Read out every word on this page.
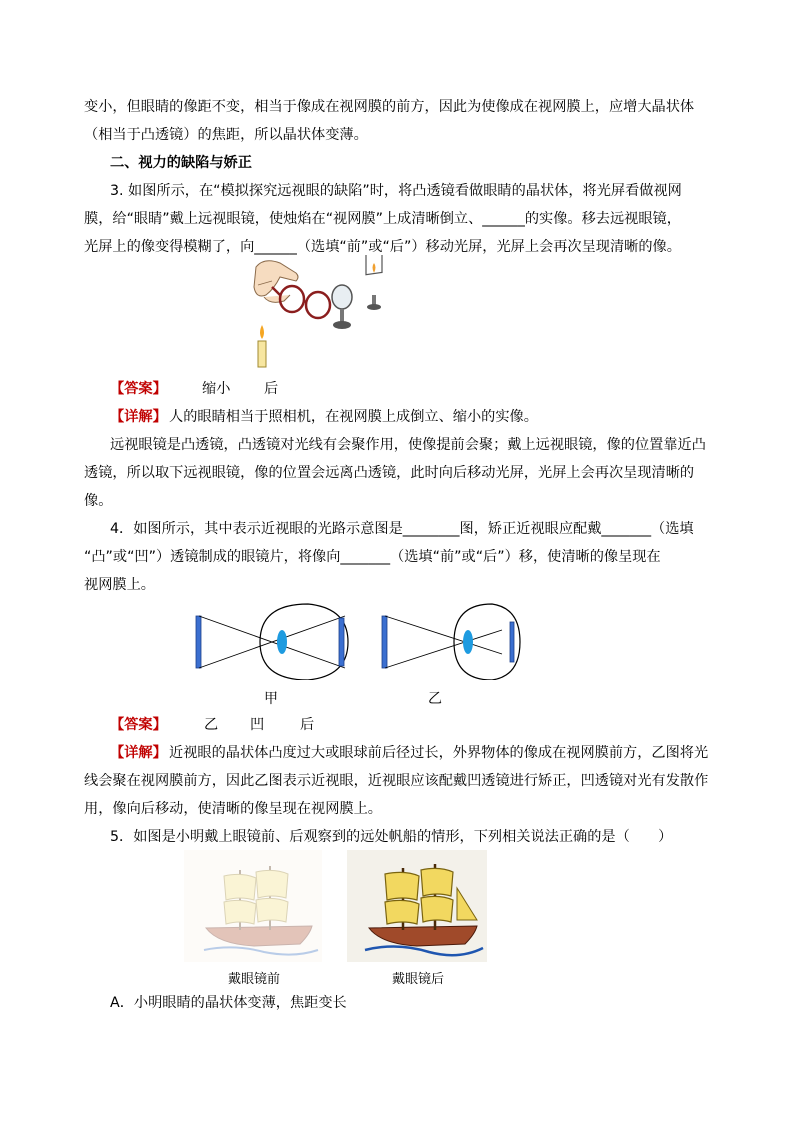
变小，但眼睛的像距不变，相当于像成在视网膜的前方，因此为使像成在视网膜上，应增大晶状体
（相当于凸透镜）的焦距，所以晶状体变薄。
二、视力的缺陷与娇正
3. 如图所示，在“模拟探究远视眼的缺陷”时，将凸透镜看做眼睛的晶状体，将光屏看做视网
膜，给“眼睛”戴上远视眼镜，使烛焰在“视网膜”上成清晰倒立、______的实像。移去远视眼镜，
光屏上的像变得模糊了，向______（选填“前”或“后”）移动光屏，光屏上会再次呈现清晰的像。
【答案】 缩小 后
【详解】 人的眼睛相当于照相机，在视网膜上成倒立、缩小的实像。
远视眼镜是凸透镜，凸透镜对光线有会聚作用，使像提前会聚；戴上远视眼镜，像的位置靠近凸
透镜，所以取下远视眼镜，像的位置会远离凸透镜，此时向后移动光屏，光屏上会再次呈现清晰的
像。
4．如图所示，其中表示近视眼的光路示意图是________图，矫正近视眼应配戴_______（选填
“凸”或“凹”）透镜制成的眼镜片，将像向_______（选填“前”或“后”）移，使清晰的像呈现在
视网膜上。
甲	乙
【答案】	乙 凹	后
【详解】 近视眼的晶状体凸度过大或眼球前后径过长，外界物体的像成在视网膜前方，乙图将光
线会聚在视网膜前方，因此乙图表示近视眼，近视眼应该配戴凹透镜进行矫正，凹透镜对光有发散作
用，像向后移动，使清晰的像呈现在视网膜上。
5．如图是小明戴上眼镜前、后观察到的远处帆船的情形，下列相关说法正确的是（　　）
戴眼镜前	戴眼镜后
A．小明眼睛的晶状体变薄，焦距变长
